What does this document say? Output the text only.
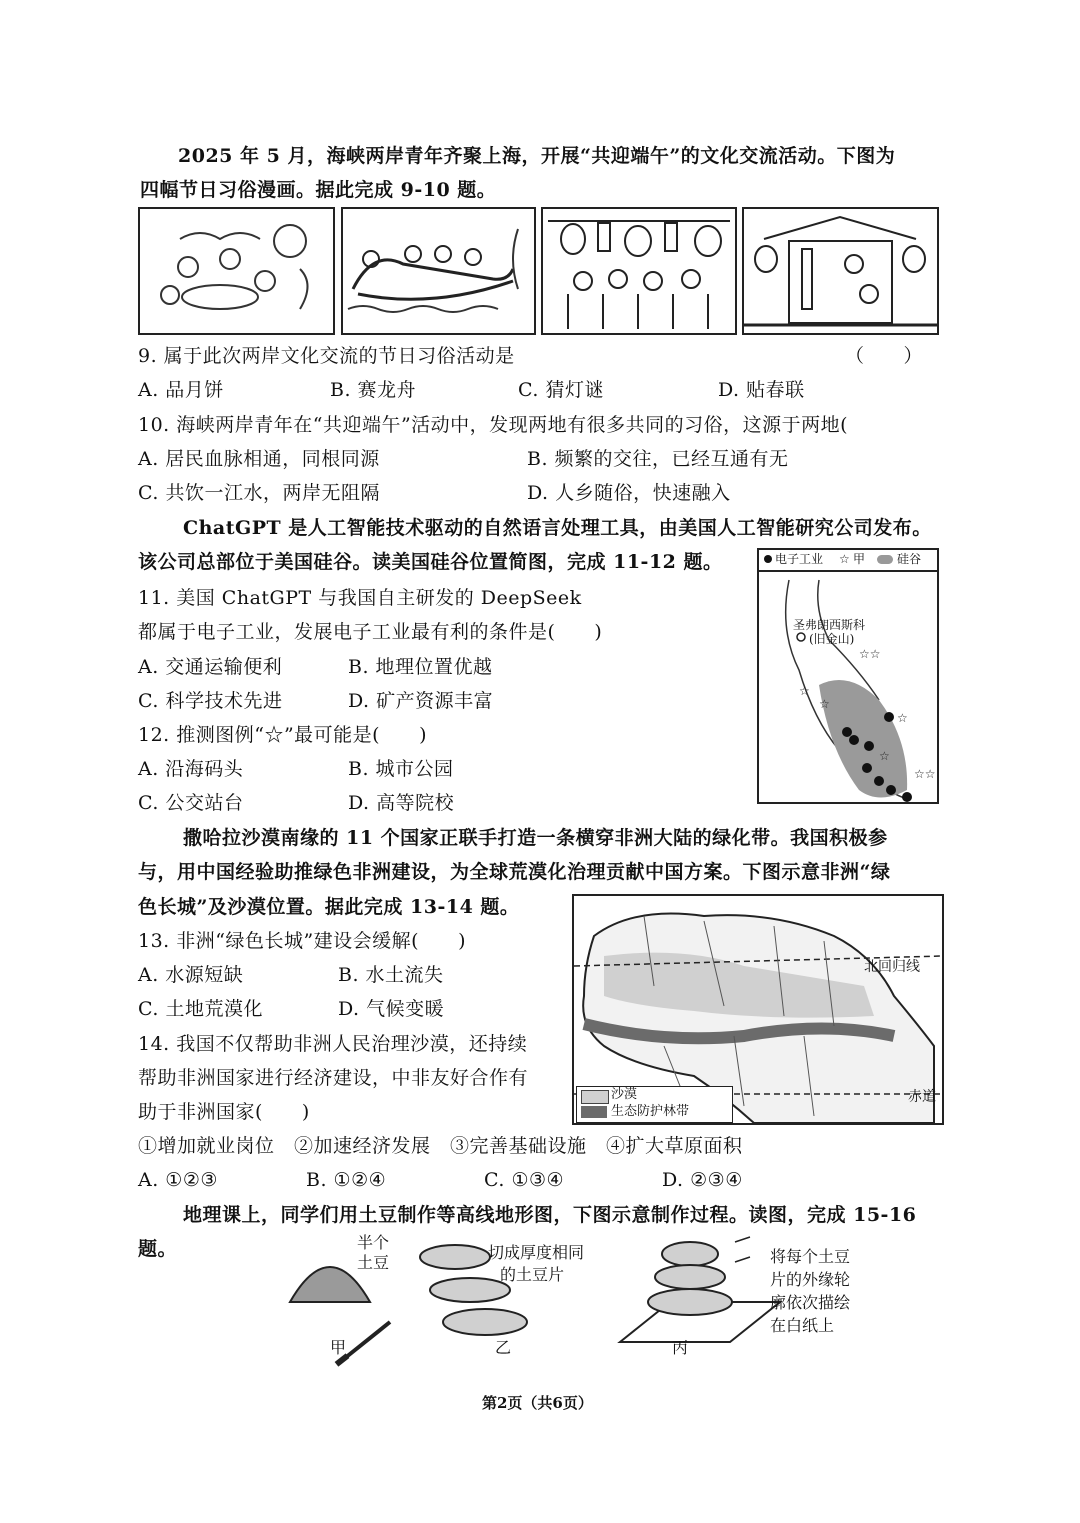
2025 年 5 月，海峡两岸青年齐聚上海，开展“共迎端午”的文化交流活动。下图为
四幅节日习俗漫画。据此完成 9-10 题。
9. 属于此次两岸文化交流的节日习俗活动是	（　　）
A. 品月饼	B. 赛龙舟	C. 猜灯谜	D. 贴春联
10. 海峡两岸青年在“共迎端午”活动中，发现两地有很多共同的习俗，这源于两地(
A. 居民血脉相通，同根同源	B. 频繁的交往，已经互通有无
C. 共饮一江水，两岸无阻隔	D. 人乡随俗，快速融入
ChatGPT 是人工智能技术驱动的自然语言处理工具，由美国人工智能研究公司发布。
该公司总部位于美国硅谷。读美国硅谷位置简图，完成 11-12 题。
11. 美国 ChatGPT 与我国自主研发的 DeepSeek
都属于电子工业，发展电子工业最有利的条件是(　　)
A. 交通运输便利	B. 地理位置优越
C. 科学技术先进	D. 矿产资源丰富
12. 推测图例“☆”最可能是(　　)
A. 沿海码头	B. 城市公园
C. 公交站台	D. 高等院校
电子工业 ☆ 甲	硅谷
☆☆
☆
☆
☆
☆☆
☆
圣弗朗西斯科
(旧金山)
撒哈拉沙漠南缘的 11 个国家正联手打造一条横穿非洲大陆的绿化带。我国积极参
与，用中国经验助推绿色非洲建设，为全球荒漠化治理贡献中国方案。下图示意非洲“绿
色长城”及沙漠位置。据此完成 13-14 题。
13. 非洲“绿色长城”建设会缓解(　　)
A. 水源短缺	B. 水土流失
C. 土地荒漠化	D. 气候变暖
14. 我国不仅帮助非洲人民治理沙漠，还持续
帮助非洲国家进行经济建设，中非友好合作有
助于非洲国家(　　)
①增加就业岗位　②加速经济发展　③完善基础设施　④扩大草原面积
A. ①②③	B. ①②④	C. ①③④	D. ②③④
北回归线
赤道
沙漠
生态防护林带
地理课上，同学们用土豆制作等高线地形图，下图示意制作过程。读图，完成 15-16
题。	半个
土豆
切成厚度相同
的土豆片
将每个土豆
片的外缘轮
廓依次描绘
在白纸上
甲	乙	丙
第2页（共6页）
